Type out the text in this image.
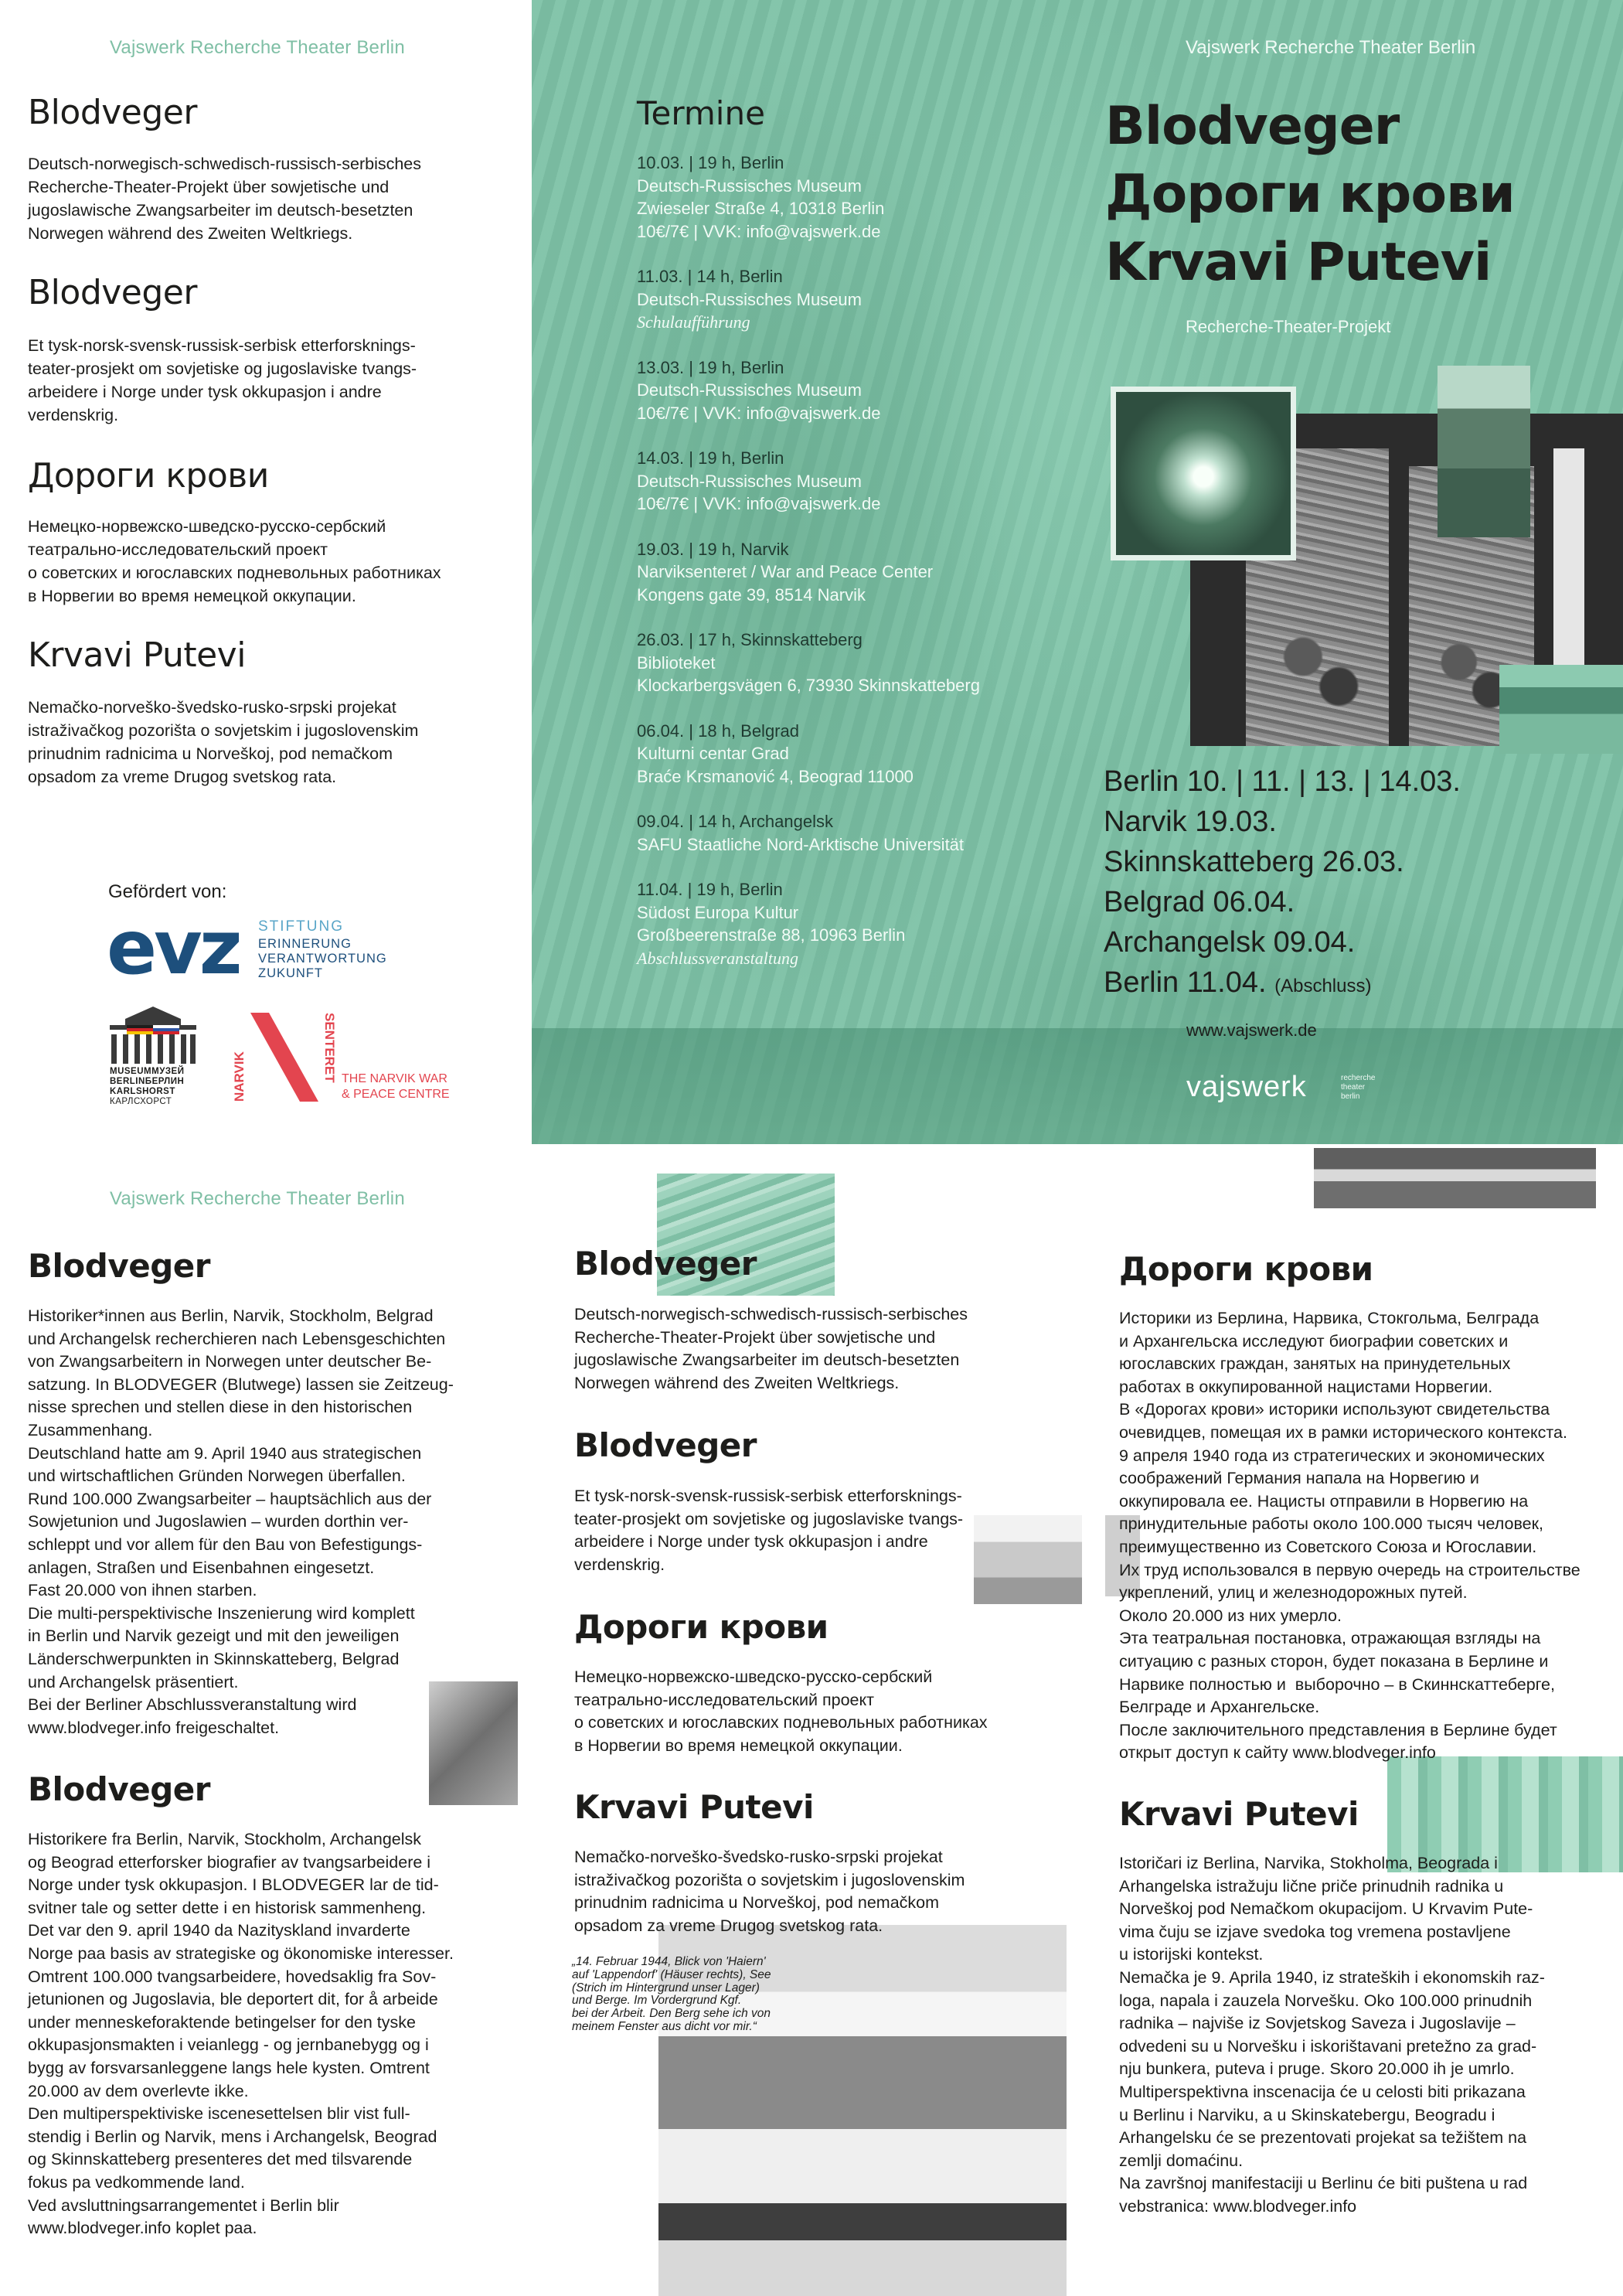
Vajswerk Recherche Theater Berlin
Blodveger

Deutsch-norwegisch-schwedisch-russisch-serbisches
Recherche-Theater-Projekt über sowjetische und
jugoslawische Zwangsarbeiter im deutsch-besetzten
Norwegen während des Zweiten Weltkriegs.

Blodveger

Et tysk-norsk-svensk-russisk-serbisk etterforsknings-
teater-prosjekt om sovjetiske og jugoslaviske tvangs-
arbeidere i Norge under tysk okkupasjon i andre
verdenskrig.

Дороги крови

Немецко-норвежско-шведско-русско-сербский
театрально-исследовательский проект
о советских и югославских подневольных работниках
в Норвегии во время немецкой оккупации.

Krvavi Putevi

Nemačko-norveško-švedsko-rusko-srpski projekat
istraživačkog pozorišta o sovjetskim i jugoslovenskim
prinudnim radnicima u Norveškoj, pod nemačkom
opsadom za vreme Drugog svetskog rata.

Gefördert von:
evz STIFTUNG
ERINNERUNG
VERANTWORTUNG
ZUKUNFT
MUSEUMМУЗЕЙ
BERLINБЕРЛИН
KARLSHORST
КАРЛСХОРСТ	NARVIK	SENTERET THE NARVIK WAR
& PEACE CENTRE
Termine
10.03. | 19 h, Berlin
Deutsch-Russisches Museum
Zwieseler Straße 4, 10318 Berlin
10€/7€ | VVK: info@vajswerk.de
11.03. | 14 h, Berlin
Deutsch-Russisches Museum
Schulaufführung
13.03. | 19 h, Berlin
Deutsch-Russisches Museum
10€/7€ | VVK: info@vajswerk.de
14.03. | 19 h, Berlin
Deutsch-Russisches Museum
10€/7€ | VVK: info@vajswerk.de
19.03. | 19 h, Narvik
Narviksenteret / War and Peace Center
Kongens gate 39, 8514 Narvik
26.03. | 17 h, Skinnskatteberg
Biblioteket
Klockarbergsvägen 6, 73930 Skinnskatteberg
06.04. | 18 h, Belgrad
Kulturni centar Grad
Braće Krsmanović 4, Beograd 11000
09.04. | 14 h, Archangelsk
SAFU Staatliche Nord-Arktische Universität
11.04. | 19 h, Berlin
Südost Europa Kultur
Großbeerenstraße 88, 10963 Berlin
Abschlussveranstaltung
Vajswerk Recherche Theater Berlin
Blodveger
Дороги крови
Krvavi Putevi
Recherche-Theater-Projekt
Berlin 10. | 11. | 13. | 14.03.
Narvik 19.03.
Skinnskatteberg 26.03.
Belgrad 06.04.
Archangelsk 09.04.
Berlin 11.04. (Abschluss)
www.vajswerk.de
vajswerk	recherche
theater
berlin
Vajswerk Recherche Theater Berlin
Blodveger

Historiker*innen aus Berlin, Narvik, Stockholm, Belgrad
und Archangelsk recherchieren nach Lebensgeschichten
von Zwangsarbeitern in Norwegen unter deutscher Be-
satzung. In BLODVEGER (Blutwege) lassen sie Zeitzeug-
nisse sprechen und stellen diese in den historischen
Zusammenhang.
Deutschland hatte am 9. April 1940 aus strategischen
und wirtschaftlichen Gründen Norwegen überfallen.
Rund 100.000 Zwangsarbeiter – hauptsächlich aus der
Sowjetunion und Jugoslawien – wurden dorthin ver-
schleppt und vor allem für den Bau von Befestigungs-
anlagen, Straßen und Eisenbahnen eingesetzt.
Fast 20.000 von ihnen starben.
Die multi-perspektivische Inszenierung wird komplett
in Berlin und Narvik gezeigt und mit den jeweiligen
Länderschwerpunkten in Skinnskatteberg, Belgrad
und Archangelsk präsentiert.
Bei der Berliner Abschlussveranstaltung wird
www.blodveger.info freigeschaltet.

Blodveger

Historikere fra Berlin, Narvik, Stockholm, Archangelsk
og Beograd etterforsker biografier av tvangsarbeidere i
Norge under tysk okkupasjon. I BLODVEGER lar de tid-
svitner tale og setter dette i en historisk sammenheng.
Det var den 9. april 1940 da Nazityskland invarderte
Norge paa basis av strategiske og ökonomiske interesser.
Omtrent 100.000 tvangsarbeidere, hovedsaklig fra Sov-
jetunionen og Jugoslavia, ble deportert dit, for å arbeide
under menneskeforaktende betingelser for den tyske
okkupasjonsmakten i veianlegg - og jernbanebygg og i
bygg av forsvarsanleggene langs hele kysten. Omtrent
20.000 av dem overlevte ikke.
Den multiperspektiviske iscenesettelsen blir vist full-
stendig i Berlin og Narvik, mens i Archangelsk, Beograd
og Skinnskatteberg presenteres det med tilsvarende
fokus pa vedkommende land.
Ved avsluttningsarrangementet i Berlin blir
www.blodveger.info koplet paa.

Blodveger

Deutsch-norwegisch-schwedisch-russisch-serbisches
Recherche-Theater-Projekt über sowjetische und
jugoslawische Zwangsarbeiter im deutsch-besetzten
Norwegen während des Zweiten Weltkriegs.

Blodveger

Et tysk-norsk-svensk-russisk-serbisk etterforsknings-
teater-prosjekt om sovjetiske og jugoslaviske tvangs-
arbeidere i Norge under tysk okkupasjon i andre
verdenskrig.

Дороги крови

Немецко-норвежско-шведско-русско-сербский
театрально-исследовательский проект
о советских и югославских подневольных работниках
в Норвегии во время немецкой оккупации.

Krvavi Putevi

Nemačko-norveško-švedsko-rusko-srpski projekat
istraživačkog pozorišta o sovjetskim i jugoslovenskim
prinudnim radnicima u Norveškoj, pod nemačkom
opsadom za vreme Drugog svetskog rata.

„14. Februar 1944, Blick von 'Haiern'
auf 'Lappendorf' (Häuser rechts), See
(Strich im Hintergrund unser Lager)
und Berge. Im Vordergrund Kgf.
bei der Arbeit. Den Berg sehe ich von
meinem Fenster aus dicht vor mir.“

Дороги крови

Историки из Берлина, Нарвика, Стокгольма, Белграда
и Архангельска исследуют биографии советских и
югославских граждан, занятых на принудетельных
работах в оккупированной нацистами Норвегии.
В «Дорогах крови» историки используют свидетельства
очевидцев, помещая их в рамки исторического контекста.
9 апреля 1940 года из стратегических и экономических
соображений Германия напала на Норвегию и
оккупировала ее. Нацисты отправили в Норвегию на
принудительные работы около 100.000 тысяч человек,
преимущественно из Советского Союза и Югославии.
Их труд использовался в первую очередь на строительстве
укреплений, улиц и железнодорожных путей.
Около 20.000 из них умерло.
Эта театральная постановка, отражающая взгляды на
ситуацию с разных сторон, будет показана в Берлине и
Нарвике полностью и  выборочно – в Скиннскаттеберге,
Белграде и Архангельске.
После заключительного представления в Берлине будет
открыт доступ к сайту www.blodveger.info

Krvavi Putevi

Istoričari iz Berlina, Narvika, Stokholma, Beograda i
Arhangelska istražuju lične priče prinudnih radnika u
Norveškoj pod Nemačkom okupacijom. U Krvavim Pute-
vima čuju se izjave svedoka tog vremena postavljene
u istorijski kontekst.
Nemačka je 9. Aprila 1940, iz strateških i ekonomskih raz-
loga, napala i zauzela Norvešku. Oko 100.000 prinudnih
radnika – najviše iz Sovjetskog Saveza i Jugoslavije –
odvedeni su u Norvešku i iskorištavani pretežno za grad-
nju bunkera, puteva i pruge. Skoro 20.000 ih je umrlo.
Multiperspektivna inscenacija će u celosti biti prikazana
u Berlinu i Narviku, a u Skinskatebergu, Beogradu i
Arhangelsku će se prezentovati projekat sa težištem na
zemlji domaćinu.
Na završnoj manifestaciji u Berlinu će biti puštena u rad
vebstranica: www.blodveger.info
